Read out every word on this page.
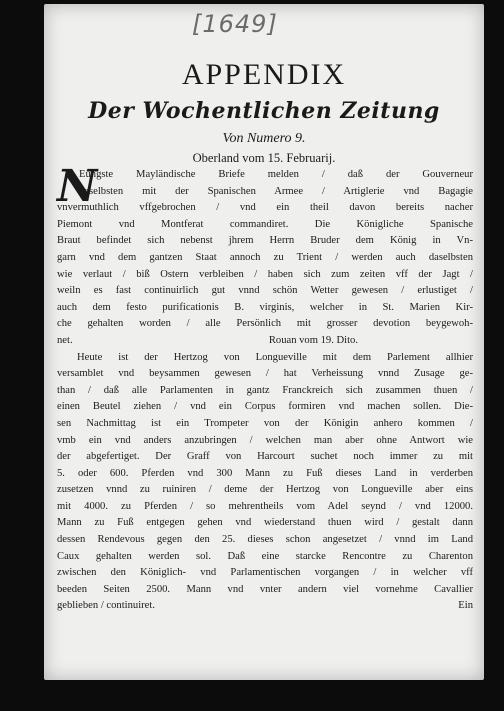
[1649]
APPENDIX
Der Wochentlichen Zeitung
Von Numero 9.
Oberland vom 15. Februarij.
N
Eüngste Mayländische Briefe melden / daß der Gouverneur
daselbsten mit der Spanischen Armee / Artiglerie vnd Bagagie
vnvermuthlich vffgebrochen / vnd ein theil davon bereits nacher
Piemont vnd Montferat commandiret. Die Königliche Spanische
Braut befindet sich nebenst jhrem Herrn Bruder dem König in Vn-
garn vnd dem gantzen Staat annoch zu Trient / werden auch daselbsten
wie verlaut / biß Ostern verbleiben / haben sich zum zeiten vff der Jagt /
weiln es fast continuirlich gut vnnd schön Wetter gewesen / erlustiget /
auch dem festo purificationis B. virginis, welcher in St. Marien Kir-
che gehalten worden / alle Persönlich mit grosser devotion beygewoh-
net.	Rouan vom 19. Dito.
Heute ist der Hertzog von Longueville mit dem Parlement allhier
versamblet vnd beysammen gewesen / hat Verheissung vnnd Zusage ge-
than / daß alle Parlamenten in gantz Franckreich sich zusammen thuen /
einen Beutel ziehen / vnd ein Corpus formiren vnd machen sollen. Die-
sen Nachmittag ist ein Trompeter von der Königin anhero kommen /
vmb ein vnd anders anzubringen / welchen man aber ohne Antwort wie
der abgefertiget. Der Graff von Harcourt suchet noch immer zu mit
5. oder 600. Pferden vnd 300 Mann zu Fuß dieses Land in verderben
zusetzen vnnd zu ruiniren / deme der Hertzog von Longueville aber eins
mit 4000. zu Pferden / so mehrentheils vom Adel seynd / vnd 12000.
Mann zu Fuß entgegen gehen vnd wiederstand thuen wird / gestalt dann
dessen Rendevous gegen den 25. dieses schon angesetzet / vnnd im Land
Caux gehalten werden sol. Daß eine starcke Rencontre zu Charenton
zwischen den Königlich- vnd Parlamentischen vorgangen / in welcher vff
beeden Seiten 2500. Mann vnd vnter andern viel vornehme Cavallier
geblieben / continuiret.	Ein
